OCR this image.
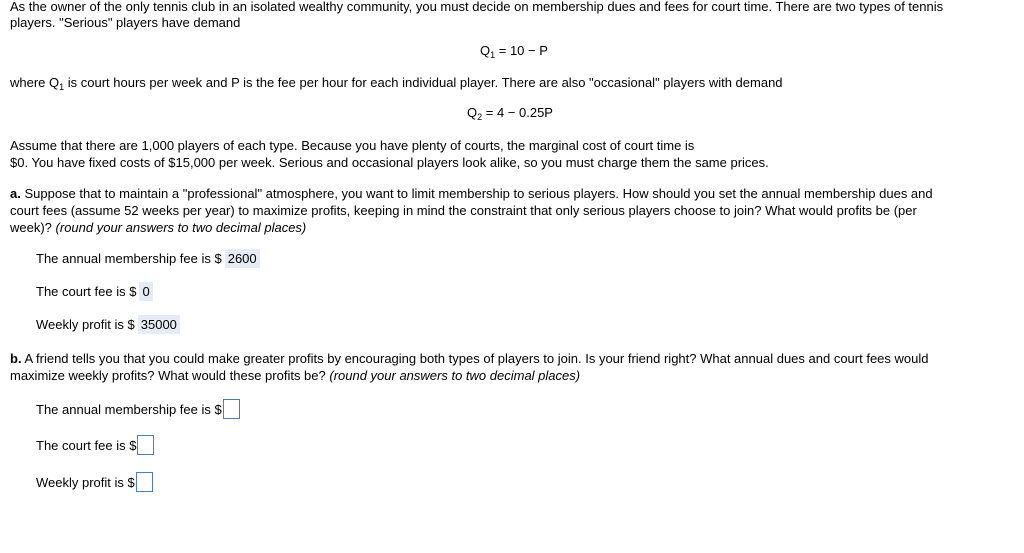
As the owner of the only tennis club in an isolated wealthy community, you must decide on membership dues and fees for court time. There are two types of tennis
players. "Serious" players have demand
$Q_1 = 10 - P$
where $Q_1$ is court hours per week and P is the fee per hour for each individual player. There are also "occasional" players with demand
$Q_2 = 4 - 0.25P$
Assume that there are 1,000 players of each type. Because you have plenty of courts, the marginal cost of court time is
$0. You have fixed costs of $15,000 per week. Serious and occasional players look alike, so you must charge them the same prices.
a. Suppose that to maintain a "professional" atmosphere, you want to limit membership to serious players. How should you set the annual membership dues and
court fees (assume 52 weeks per year) to maximize profits, keeping in mind the constraint that only serious players choose to join? What would profits be (per
week)? (round your answers to two decimal places)
The annual membership fee is $ 2600
The court fee is $ 0
Weekly profit is $ 35000
b. A friend tells you that you could make greater profits by encouraging both types of players to join. Is your friend right? What annual dues and court fees would
maximize weekly profits? What would these profits be? (round your answers to two decimal places)
The annual membership fee is $
The court fee is $
Weekly profit is $
